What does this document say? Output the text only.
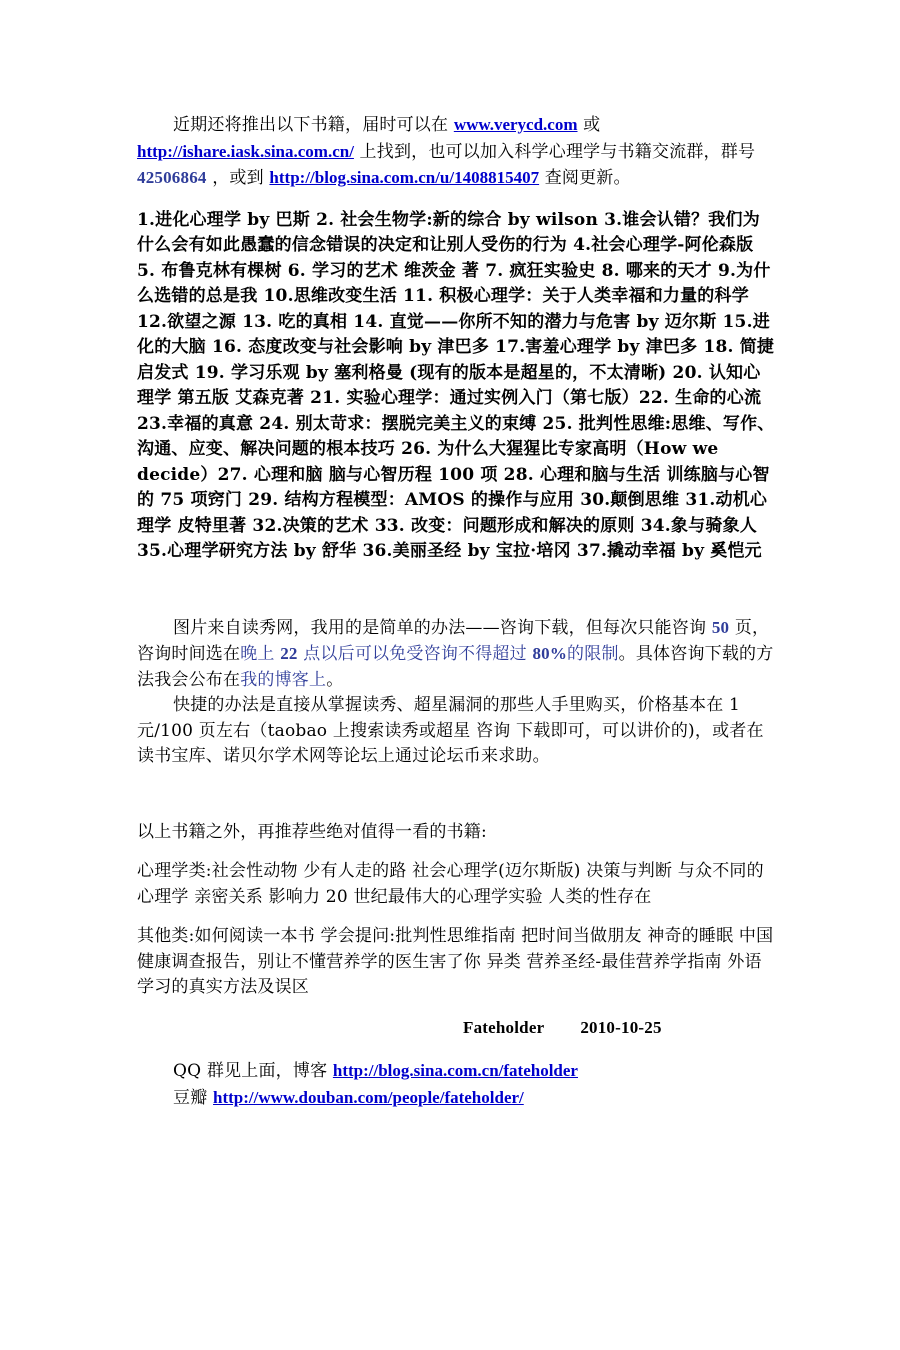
近期还将推出以下书籍，届时可以在 www.verycd.com 或 http://ishare.iask.sina.com.cn/ 上找到，也可以加入科学心理学与书籍交流群，群号 42506864 ，或到 http://blog.sina.com.cn/u/1408815407 查阅更新。

1.进化心理学 by 巴斯 2. 社会生物学:新的综合 by wilson 3.谁会认错？我们为什么会有如此愚蠢的信念错误的决定和让别人受伤的行为 4.社会心理学-阿伦森版 5. 布鲁克林有棵树 6. 学习的艺术 维茨金 著 7. 疯狂实验史 8. 哪来的天才 9.为什么选错的总是我 10.思维改变生活 11. 积极心理学：关于人类幸福和力量的科学 12.欲望之源 13. 吃的真相 14. 直觉——你所不知的潜力与危害 by 迈尔斯 15.进化的大脑 16. 态度改变与社会影响 by 津巴多 17.害羞心理学 by 津巴多 18. 简捷启发式 19. 学习乐观 by 塞利格曼 (现有的版本是超星的，不太清晰) 20. 认知心理学 第五版 艾森克著 21. 实验心理学：通过实例入门（第七版）22. 生命的心流 23.幸福的真意 24. 别太苛求：摆脱完美主义的束缚 25. 批判性思维:思维、写作、沟通、应变、解决问题的根本技巧 26. 为什么大猩猩比专家高明（How we decide）27. 心理和脑 脑与心智历程 100 项 28. 心理和脑与生活 训练脑与心智的 75 项窍门 29. 结构方程模型：AMOS 的操作与应用 30.颠倒思维 31.动机心理学 皮特里著 32.决策的艺术 33. 改变：问题形成和解决的原则 34.象与骑象人 35.心理学研究方法 by 舒华 36.美丽圣经 by 宝拉·培冈 37.撬动幸福 by 奚恺元

图片来自读秀网，我用的是简单的办法——咨询下载，但每次只能咨询 50 页，咨询时间选在晚上 22 点以后可以免受咨询不得超过 80%的限制。具体咨询下载的方法我会公布在我的博客上。

快捷的办法是直接从掌握读秀、超星漏洞的那些人手里购买，价格基本在 1 元/100 页左右（taobao 上搜索读秀或超星 咨询 下载即可，可以讲价的)，或者在读书宝库、诺贝尔学术网等论坛上通过论坛币来求助。

以上书籍之外，再推荐些绝对值得一看的书籍:

心理学类:社会性动物 少有人走的路 社会心理学(迈尔斯版) 决策与判断 与众不同的心理学 亲密关系 影响力 20 世纪最伟大的心理学实验 人类的性存在

其他类:如何阅读一本书 学会提问:批判性思维指南 把时间当做朋友 神奇的睡眠 中国健康调查报告，别让不懂营养学的医生害了你 异类 营养圣经-最佳营养学指南 外语学习的真实方法及误区

Fateholder 2010-10-25

QQ 群见上面，博客 http://blog.sina.com.cn/fateholder
豆瓣 http://www.douban.com/people/fateholder/
